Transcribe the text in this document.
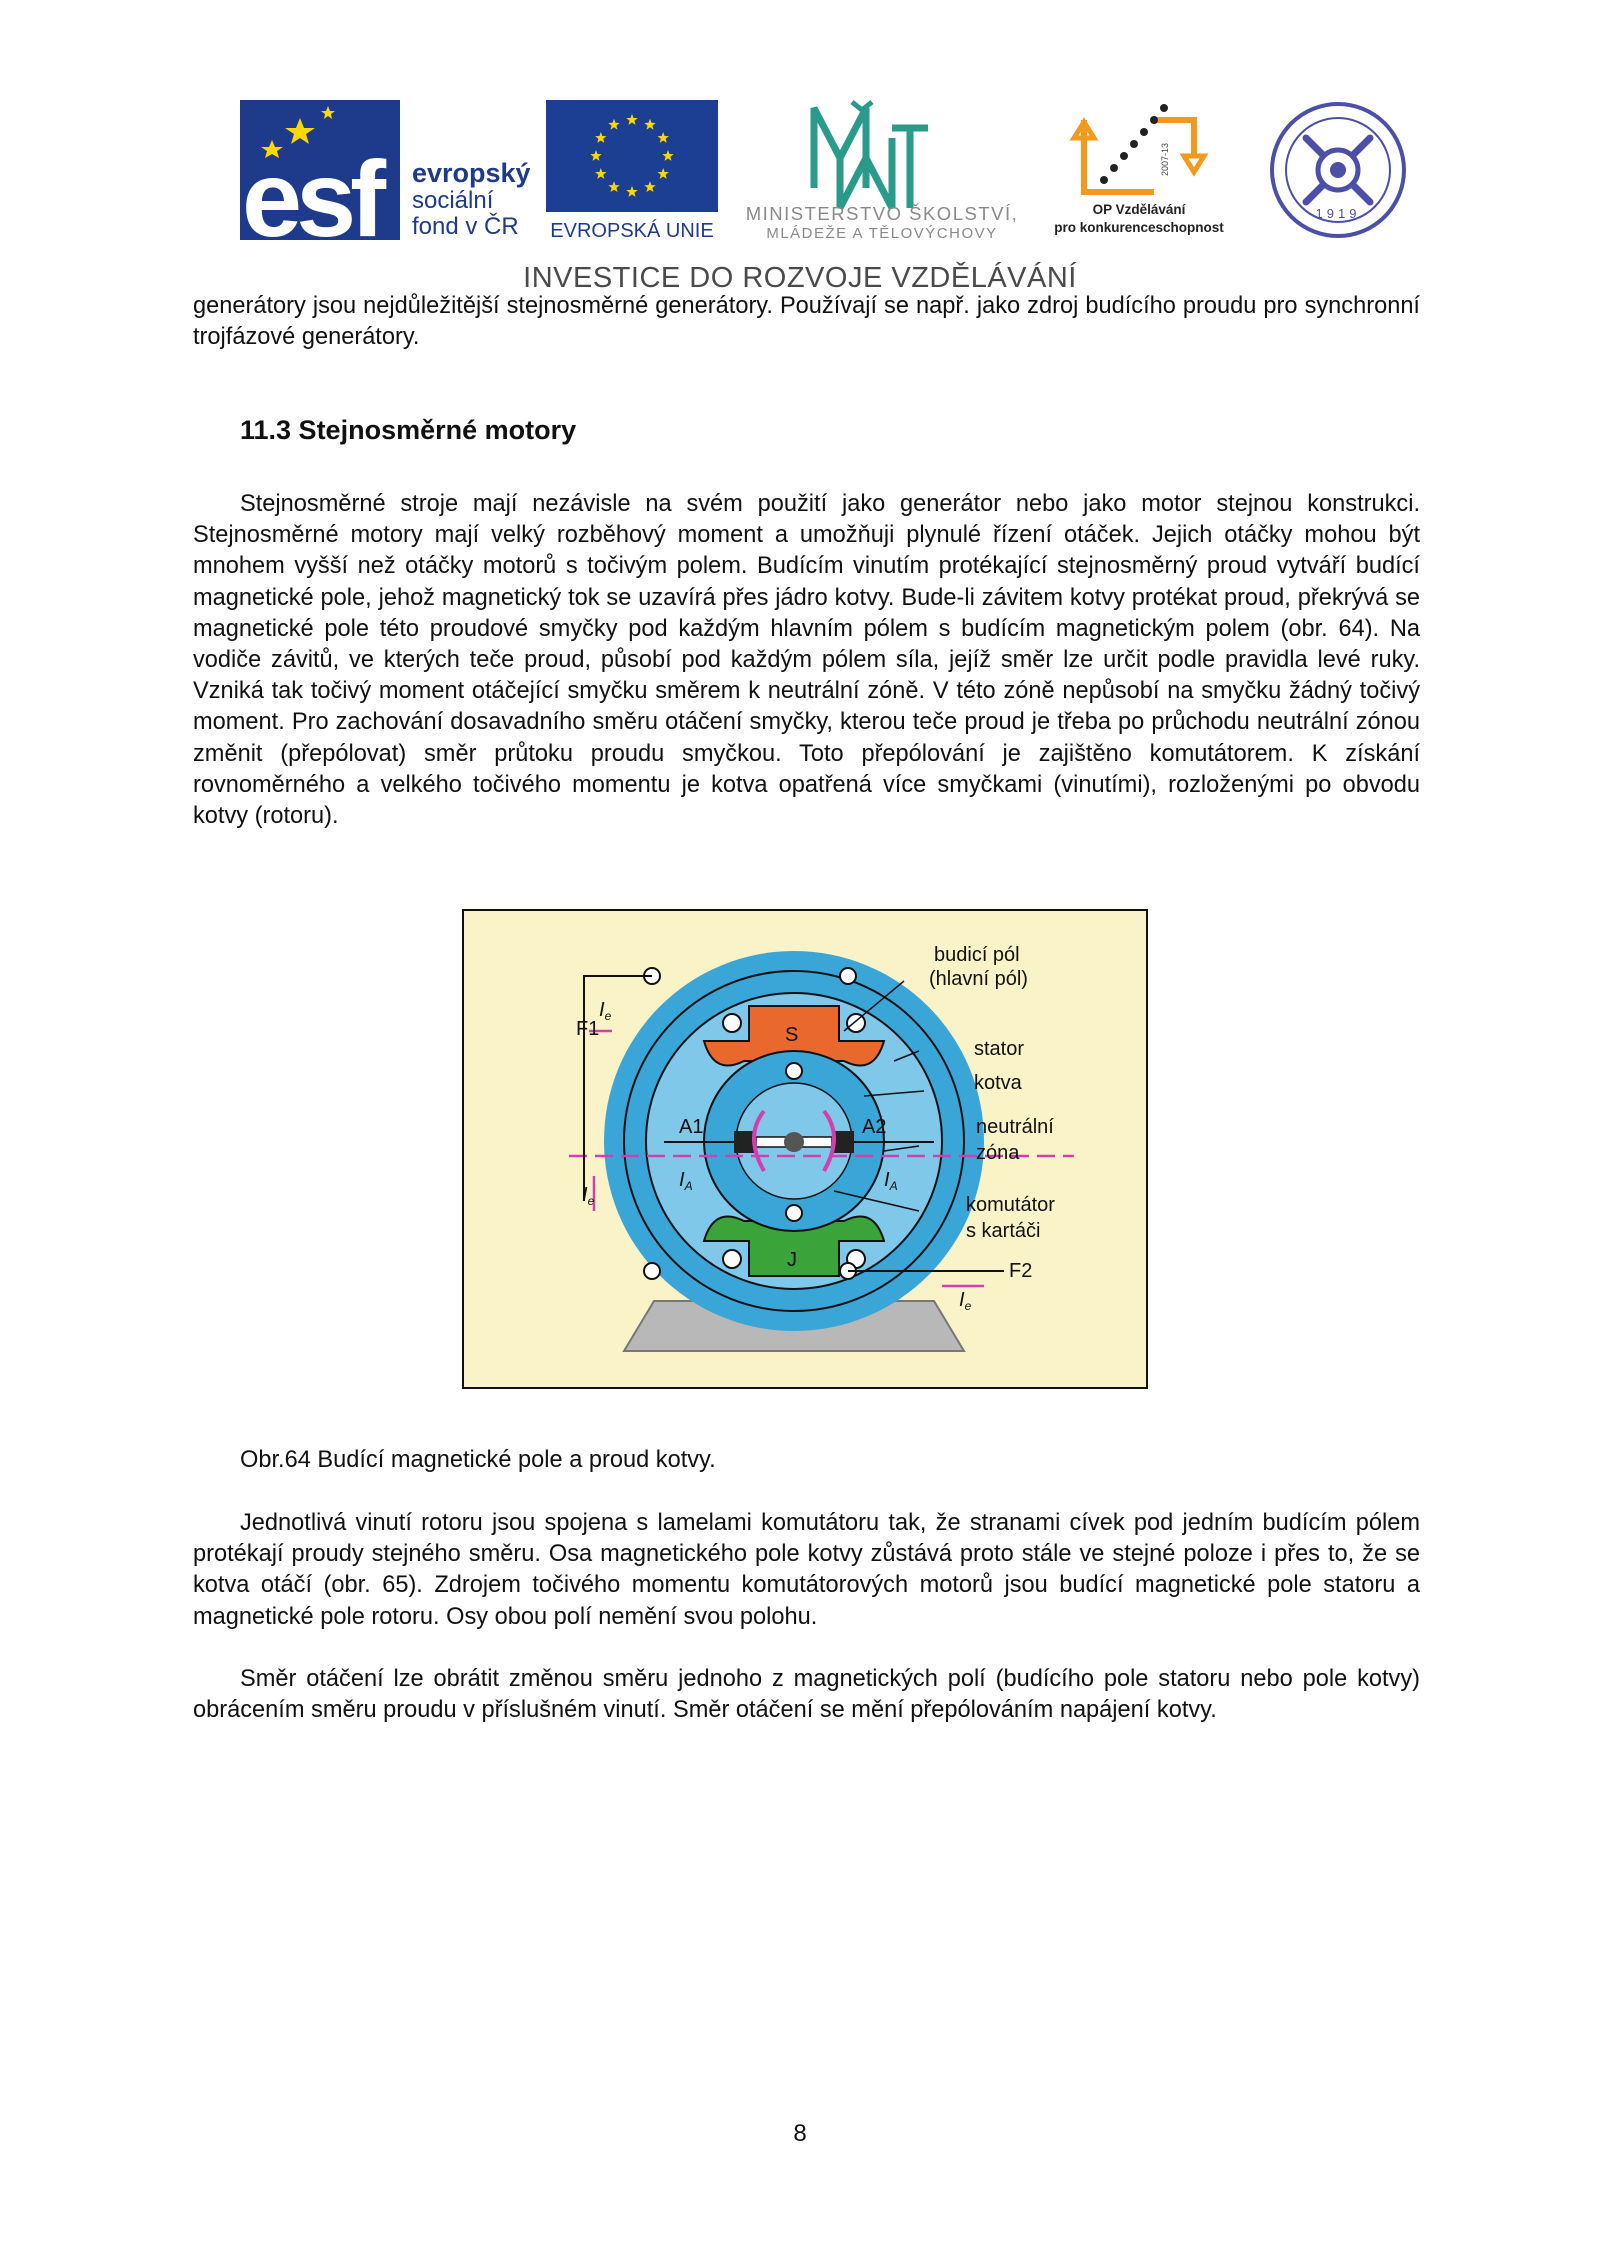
esf evropský
sociální
fond v ČR EVROPSKÁ UNIE
MINISTERSTVO ŠKOLSTVÍ,
MLÁDEŽE A TĚLOVÝCHOVY
2007-13
OP Vzdělávání
pro konkurenceschopnost
1919
INVESTICE DO ROZVOJE VZDĚLÁVÁNÍ

generátory jsou nejdůležitější stejnosměrné generátory. Používají se např. jako zdroj budícího proudu pro synchronní trojfázové generátory.

11.3 Stejnosměrné motory

Stejnosměrné stroje mají nezávisle na svém použití jako generátor nebo jako motor stejnou konstrukci. Stejnosměrné motory mají velký rozběhový moment a umožňuji plynulé řízení otáček. Jejich otáčky mohou být mnohem vyšší než otáčky motorů s točivým polem. Budícím vinutím protékající stejnosměrný proud vytváří budící magnetické pole, jehož magnetický tok se uzavírá přes jádro kotvy. Bude-li závitem kotvy protékat proud, překrývá se magnetické pole této proudové smyčky pod každým hlavním pólem s budícím magnetickým polem (obr. 64). Na vodiče závitů, ve kterých teče proud, působí pod každým pólem síla, jejíž směr lze určit podle pravidla levé ruky. Vzniká tak točivý moment otáčející smyčku směrem k neutrální zóně. V této zóně nepůsobí na smyčku žádný točivý moment. Pro zachování dosavadního směru otáčení smyčky, kterou teče proud je třeba po průchodu neutrální zónou změnit (přepólovat) směr průtoku proudu smyčkou. Toto přepólování je zajištěno komutátorem. K získání rovnoměrného a velkého točivého momentu je kotva opatřená více smyčkami (vinutími), rozloženými po obvodu kotvy (rotoru).

budicí pól
(hlavní pól)
stator
kotva
neutrální
zóna
komutátor
s kartáči
F1
F2
A1	A2
S
J
$I_e$
$I_e$
$I_e$
$I_A$	$I_A$
Obr.64 Budící magnetické pole a proud kotvy.

Jednotlivá vinutí rotoru jsou spojena s lamelami komutátoru tak, že stranami cívek pod jedním budícím pólem protékají proudy stejného směru. Osa magnetického pole kotvy zůstává proto stále ve stejné poloze i přes to, že se kotva otáčí (obr. 65). Zdrojem točivého momentu komutátorových motorů jsou budící magnetické pole statoru a magnetické pole rotoru. Osy obou polí nemění svou polohu.

Směr otáčení lze obrátit změnou směru jednoho z magnetických polí (budícího pole statoru nebo pole kotvy) obrácením směru proudu v příslušném vinutí. Směr otáčení se mění přepólováním napájení kotvy.

8
